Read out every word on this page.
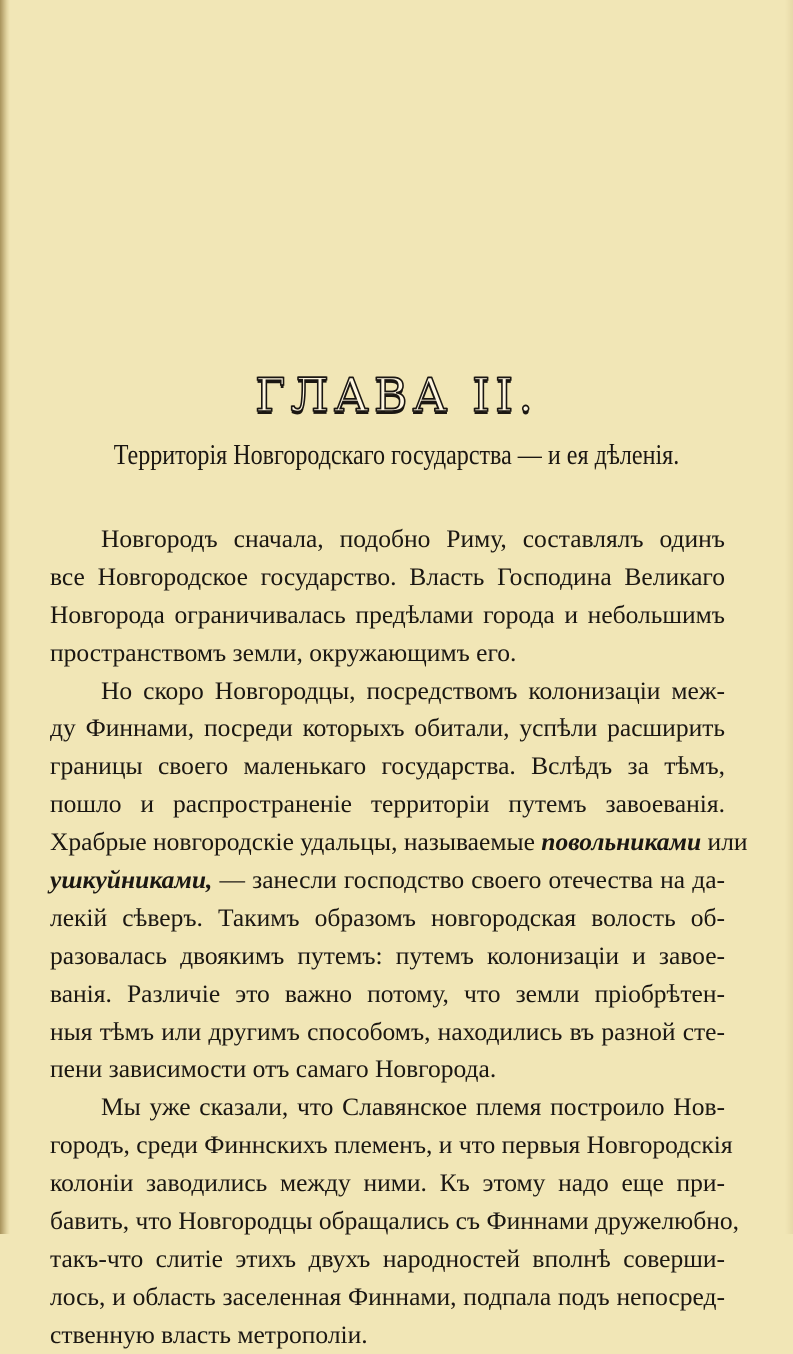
ГЛАВА II.
Территорія Новгородскаго государства — и ея дѣленія.
Новгородъ сначала, подобно Риму, составлялъ одинъ
все Новгородское государство. Власть Господина Великаго
Новгорода ограничивалась предѣлами города и небольшимъ
пространствомъ земли, окружающимъ его.
Но скоро Новгородцы, посредствомъ колонизаціи меж-
ду Финнами, посреди которыхъ обитали, успѣли расширить
границы своего маленькаго государства. Вслѣдъ за тѣмъ,
пошло и распространеніе территоріи путемъ завоеванія.
Храбрые новгородскіе удальцы, называемые повольниками или
ушкуйниками, — занесли господство своего отечества на да-
лекій сѣверъ. Такимъ образомъ новгородская волость об-
разовалась двоякимъ путемъ: путемъ колонизаціи и завое-
ванія. Различіе это важно потому, что земли пріобрѣтен-
ныя тѣмъ или другимъ способомъ, находились въ разной сте-
пени зависимости отъ самаго Новгорода.
Мы уже сказали, что Славянское племя построило Нов-
городъ, среди Финнскихъ племенъ, и что первыя Новгородскія
колоніи заводились между ними. Къ этому надо еще при-
бавить, что Новгородцы обращались съ Финнами дружелюбно,
такъ-что слитіе этихъ двухъ народностей вполнѣ соверши-
лось, и область заселенная Финнами, подпала подъ непосред-
ственную власть метрополіи.
